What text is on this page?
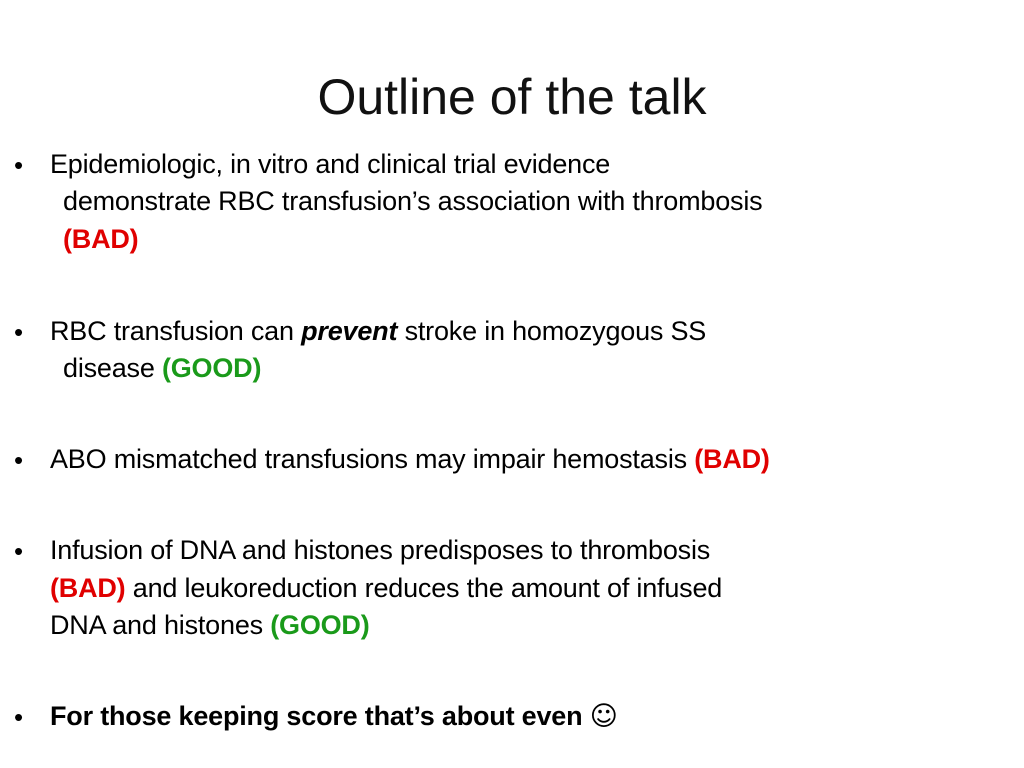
Outline of the talk
• Epidemiologic, in vitro and clinical trial evidence
demonstrate RBC transfusion’s association with thrombosis
(BAD)
• RBC transfusion can prevent stroke in homozygous SS
disease (GOOD)
• ABO mismatched transfusions may impair hemostasis (BAD)
• Infusion of DNA and histones predisposes to thrombosis
(BAD) and leukoreduction reduces the amount of infused
DNA and histones (GOOD)
• For those keeping score that’s about even ☺
